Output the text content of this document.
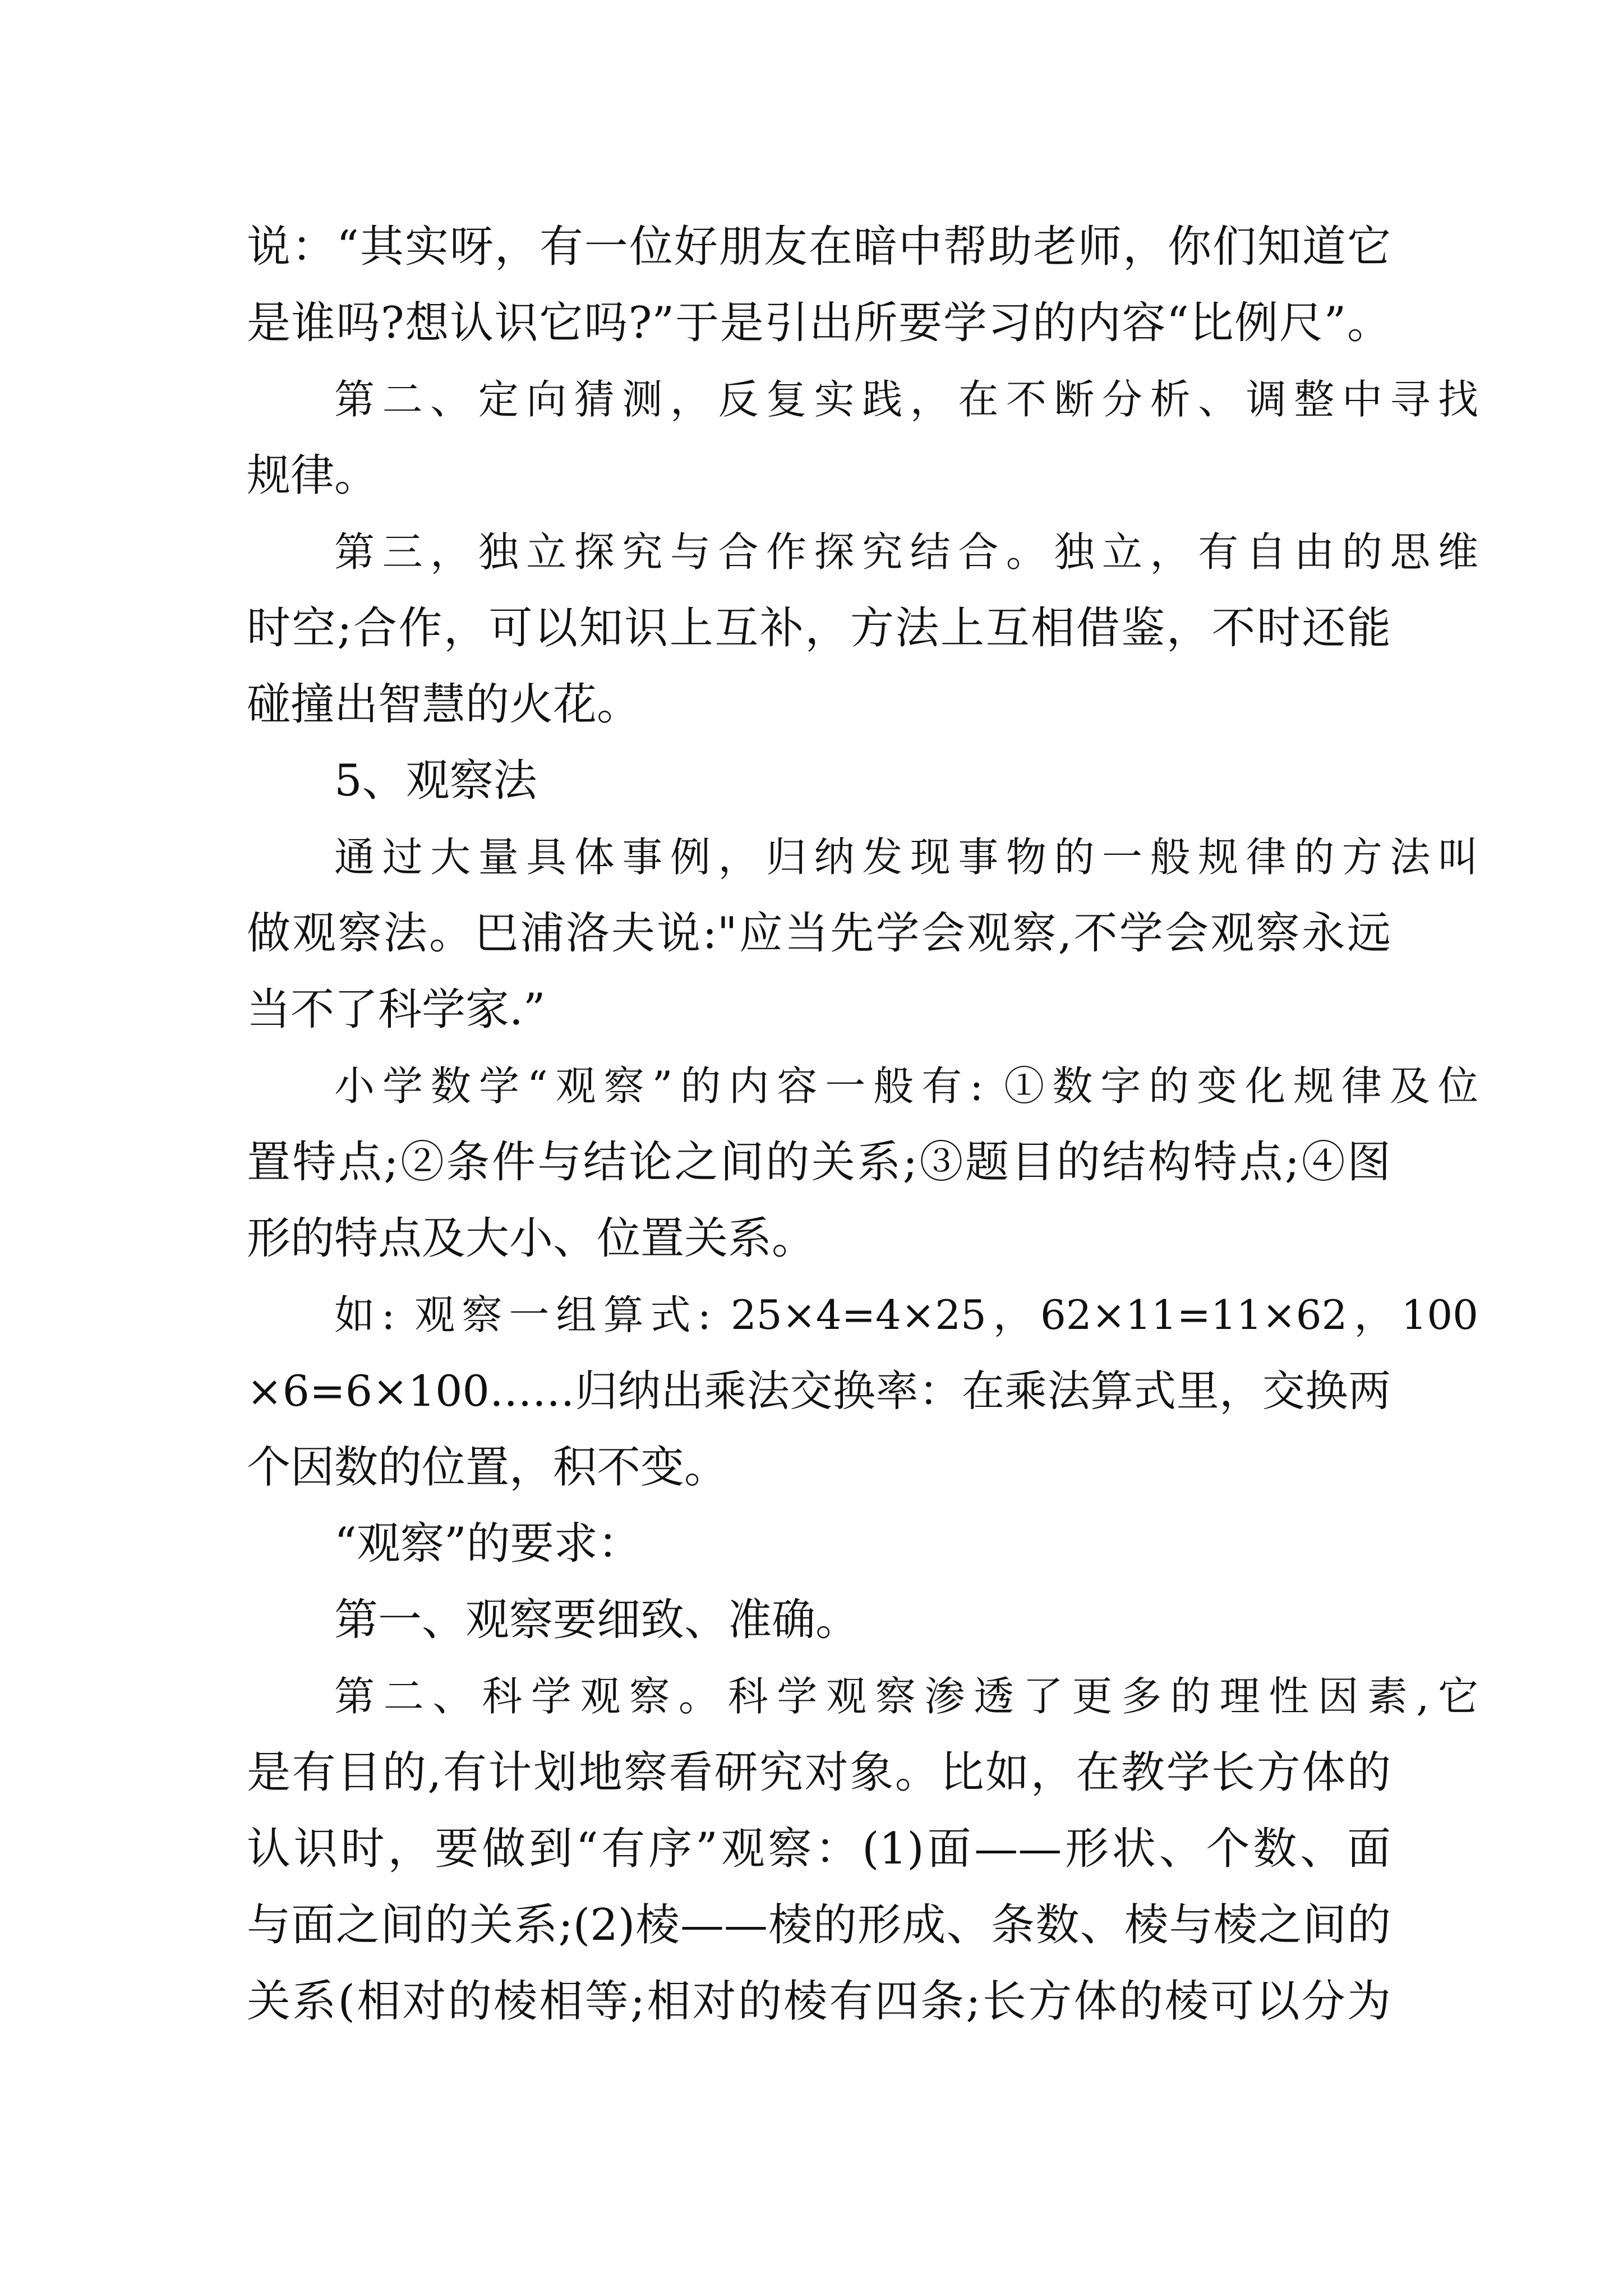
说：“其实呀，有一位好朋友在暗中帮助老师，你们知道它
是谁吗?想认识它吗?”于是引出所要学习的内容“比例尺”。
第二、定向猜测，反复实践，在不断分析、调整中寻找
规律。
第三，独立探究与合作探究结合。独立，有自由的思维
时空;合作，可以知识上互补，方法上互相借鉴，不时还能
碰撞出智慧的火花。
5、观察法
通过大量具体事例，归纳发现事物的一般规律的方法叫
做观察法。巴浦洛夫说:"应当先学会观察,不学会观察永远
当不了科学家.”
小学数学“观察”的内容一般有: ①数字的变化规律及位
置特点;②条件与结论之间的关系;③题目的结构特点;④图
形的特点及大小、位置关系。
如: 观察一组算式: 25×4=4×25，62×11=11×62，100
×6=6×100……归纳出乘法交换率：在乘法算式里，交换两
个因数的位置，积不变。
“观察”的要求：
第一、观察要细致、准确。
第二、科学观察。科学观察渗透了更多的理性因素,它
是有目的,有计划地察看研究对象。比如，在教学长方体的
认识时，要做到“有序”观察：(1)面——形状、个数、面
与面之间的关系;(2)棱——棱的形成、条数、棱与棱之间的
关系(相对的棱相等;相对的棱有四条;长方体的棱可以分为
